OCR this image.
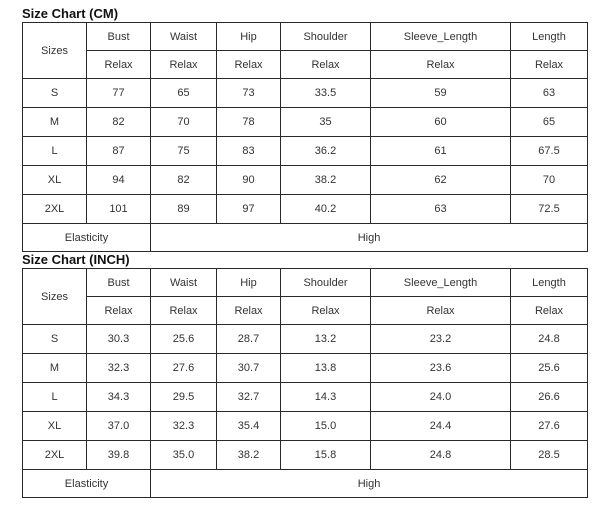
Size Chart (CM)
Sizes	Bust	Waist	Hip	Shoulder	Sleeve_Length	Length
	Relax	Relax	Relax	Relax	Relax	Relax
S	77	65	73	33.5	59	63
M	82	70	78	35	60	65
L	87	75	83	36.2	61	67.5
XL	94	82	90	38.2	62	70
2XL	101	89	97	40.2	63	72.5
Elasticity		High				
Size Chart (INCH)
Sizes	Bust	Waist	Hip	Shoulder	Sleeve_Length	Length
	Relax	Relax	Relax	Relax	Relax	Relax
S	30.3	25.6	28.7	13.2	23.2	24.8
M	32.3	27.6	30.7	13.8	23.6	25.6
L	34.3	29.5	32.7	14.3	24.0	26.6
XL	37.0	32.3	35.4	15.0	24.4	27.6
2XL	39.8	35.0	38.2	15.8	24.8	28.5
Elasticity		High				
